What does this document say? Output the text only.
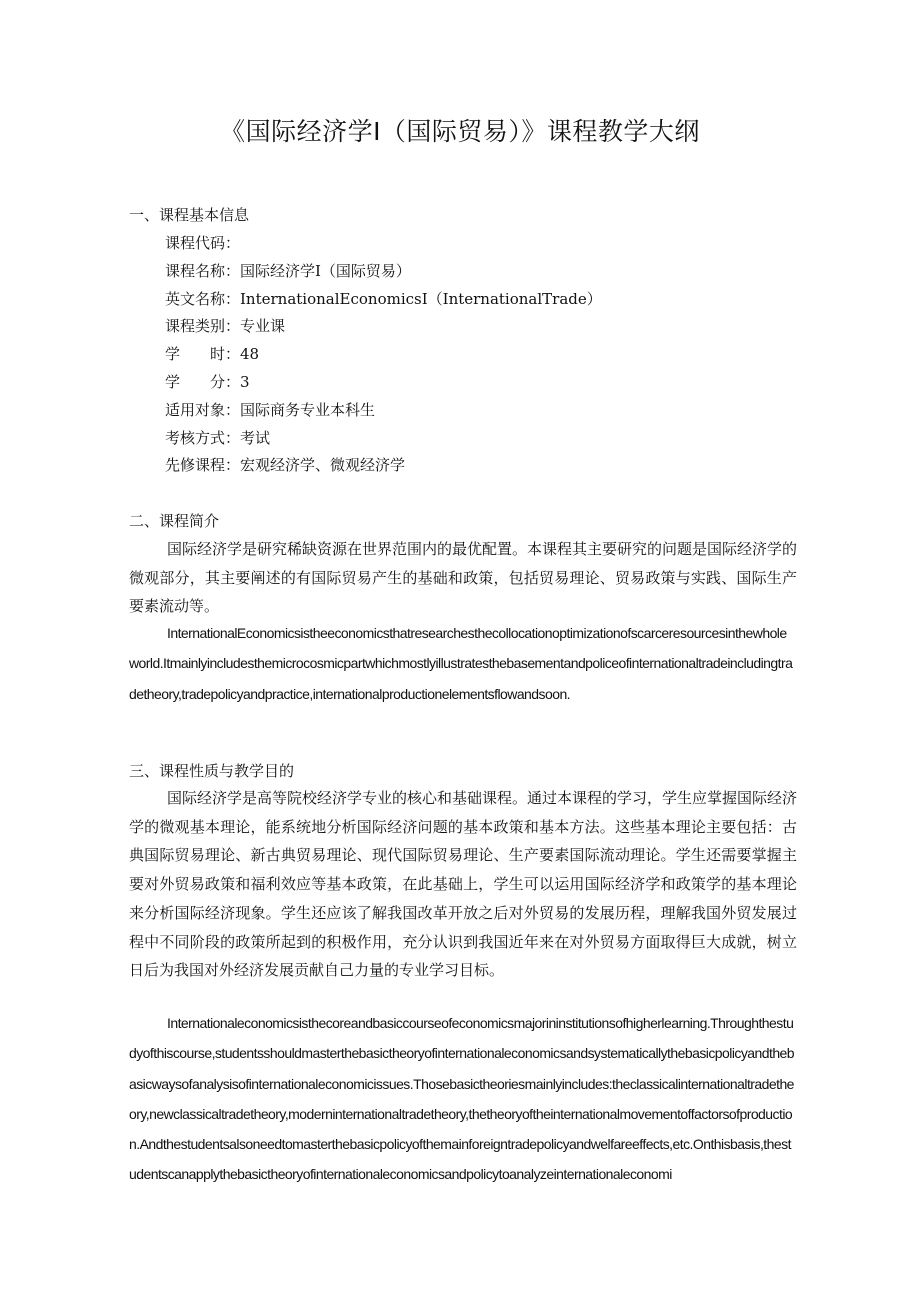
《国际经济学Ⅰ（国际贸易）》课程教学大纲
一、课程基本信息
课程代码：
课程名称：国际经济学Ⅰ（国际贸易）
英文名称：InternationalEconomicsI（InternationalTrade）
课程类别：专业课
学　　时：48
学　　分：3
适用对象：国际商务专业本科生
考核方式：考试
先修课程：宏观经济学、微观经济学
二、课程简介
国际经济学是研究稀缺资源在世界范围内的最优配置。本课程其主要研究的问题是国际经济学的微观部分，其主要阐述的有国际贸易产生的基础和政策，包括贸易理论、贸易政策与实践、国际生产要素流动等。
InternationalEconomicsistheeconomicsthatresearchesthecollocationoptimizationofscarceresourcesinthewholeworld.Itmainlyincludesthemicrocosmicpartwhichmostlyillustratesthebasementandpoliceofinternationaltradeincludingtradetheory,tradepolicyandpractice,internationalproductionelementsflowandsoon.
三、课程性质与教学目的
国际经济学是高等院校经济学专业的核心和基础课程。通过本课程的学习，学生应掌握国际经济学的微观基本理论，能系统地分析国际经济问题的基本政策和基本方法。这些基本理论主要包括：古典国际贸易理论、新古典贸易理论、现代国际贸易理论、生产要素国际流动理论。学生还需要掌握主要对外贸易政策和福利效应等基本政策，在此基础上，学生可以运用国际经济学和政策学的基本理论来分析国际经济现象。学生还应该了解我国改革开放之后对外贸易的发展历程，理解我国外贸发展过程中不同阶段的政策所起到的积极作用，充分认识到我国近年来在对外贸易方面取得巨大成就，树立日后为我国对外经济发展贡献自己力量的专业学习目标。
Internationaleconomicsisthecoreandbasiccourseofeconomicsmajorininstitutionsofhigherlearning.Throughthestudyofthiscourse,studentsshouldmasterthebasictheoryofinternationaleconomicsandsystematicallythebasicpolicyandthebasicwaysofanalysisofinternationaleconomicissues.Thosebasictheoriesmainlyincludes:theclassicalinternationaltradetheory,newclassicaltradetheory,moderninternationaltradetheory,thetheoryoftheinternationalmovementoffactorsofproduction.Andthestudentsalsoneedtomasterthebasicpolicyofthemainforeigntradepolicyandwelfareeffects,etc.Onthisbasis,thestudentscanapplythebasictheoryofinternationaleconomicsandpolicytoanalyzeinternationaleconomi
